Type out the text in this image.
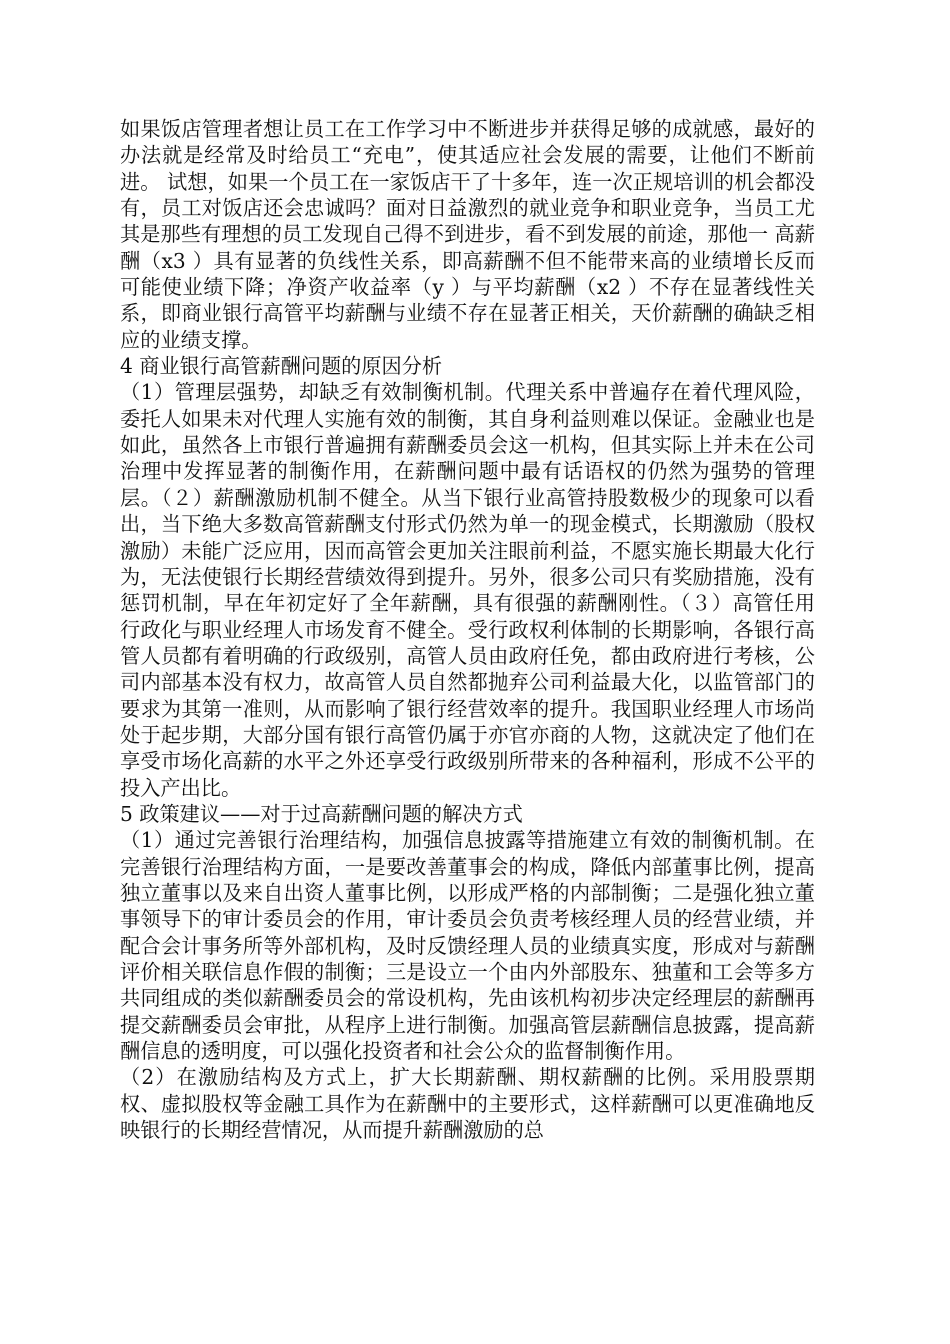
如果饭店管理者想让员工在工作学习中不断进步并获得足够的成就感，最好的办法就是经常及时给员工“充电”，使其适应社会发展的需要，让他们不断前进。 试想，如果一个员工在一家饭店干了十多年，连一次正规培训的机会都没有，员工对饭店还会忠诚吗？面对日益激烈的就业竞争和职业竞争，当员工尤其是那些有理想的员工发现自己得不到进步，看不到发展的前途，那他一 高薪酬（x3 ）具有显著的负线性关系，即高薪酬不但不能带来高的业绩增长反而可能使业绩下降；净资产收益率（y ）与平均薪酬（x2 ）不存在显著线性关系，即商业银行高管平均薪酬与业绩不存在显著正相关，天价薪酬的确缺乏相应的业绩支撑。

4 商业银行高管薪酬问题的原因分析

（1）管理层强势，却缺乏有效制衡机制。代理关系中普遍存在着代理风险，委托人如果未对代理人实施有效的制衡，其自身利益则难以保证。金融业也是如此，虽然各上市银行普遍拥有薪酬委员会这一机构，但其实际上并未在公司治理中发挥显著的制衡作用，在薪酬问题中最有话语权的仍然为强势的管理层。（２）薪酬激励机制不健全。从当下银行业高管持股数极少的现象可以看出，当下绝大多数高管薪酬支付形式仍然为单一的现金模式，长期激励（股权激励）未能广泛应用，因而高管会更加关注眼前利益，不愿实施长期最大化行为，无法使银行长期经营绩效得到提升。另外，很多公司只有奖励措施，没有惩罚机制，早在年初定好了全年薪酬，具有很强的薪酬刚性。（３）高管任用行政化与职业经理人市场发育不健全。受行政权利体制的长期影响，各银行高管人员都有着明确的行政级别，高管人员由政府任免，都由政府进行考核，公司内部基本没有权力，故高管人员自然都抛弃公司利益最大化，以监管部门的要求为其第一准则，从而影响了银行经营效率的提升。我国职业经理人市场尚处于起步期，大部分国有银行高管仍属于亦官亦商的人物，这就决定了他们在享受市场化高薪的水平之外还享受行政级别所带来的各种福利，形成不公平的投入产出比。

5 政策建议——对于过高薪酬问题的解决方式

（1）通过完善银行治理结构，加强信息披露等措施建立有效的制衡机制。在完善银行治理结构方面，一是要改善董事会的构成，降低内部董事比例，提高独立董事以及来自出资人董事比例，以形成严格的内部制衡；二是强化独立董事领导下的审计委员会的作用，审计委员会负责考核经理人员的经营业绩，并配合会计事务所等外部机构，及时反馈经理人员的业绩真实度，形成对与薪酬评价相关联信息作假的制衡；三是设立一个由内外部股东、独董和工会等多方共同组成的类似薪酬委员会的常设机构，先由该机构初步决定经理层的薪酬再提交薪酬委员会审批，从程序上进行制衡。加强高管层薪酬信息披露，提高薪酬信息的透明度，可以强化投资者和社会公众的监督制衡作用。

（2）在激励结构及方式上，扩大长期薪酬、期权薪酬的比例。采用股票期权、虚拟股权等金融工具作为在薪酬中的主要形式，这样薪酬可以更准确地反映银行的长期经营情况，从而提升薪酬激励的总
